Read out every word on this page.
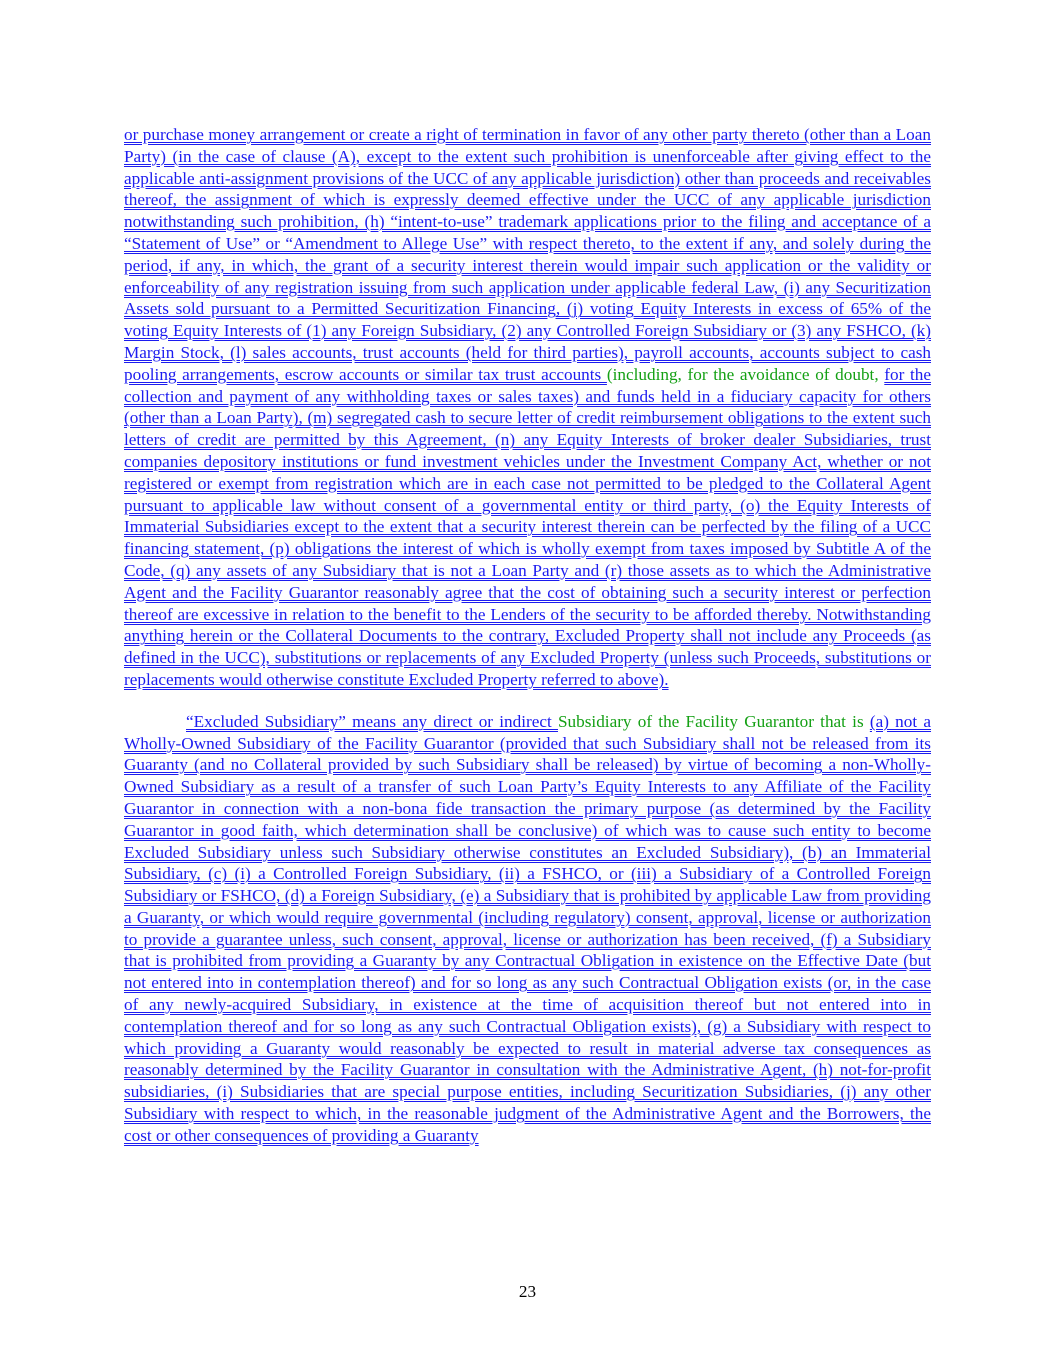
or purchase money arrangement or create a right of termination in favor of any other party thereto (other than a Loan Party) (in the case of clause (A), except to the extent such prohibition is unenforceable after giving effect to the applicable anti-assignment provisions of the UCC of any applicable jurisdiction) other than proceeds and receivables thereof, the assignment of which is expressly deemed effective under the UCC of any applicable jurisdiction notwithstanding such prohibition, (h) “intent-to-use” trademark applications prior to the filing and acceptance of a “Statement of Use” or “Amendment to Allege Use” with respect thereto, to the extent if any, and solely during the period, if any, in which, the grant of a security interest therein would impair such application or the validity or enforceability of any registration issuing from such application under applicable federal Law, (i) any Securitization Assets sold pursuant to a Permitted Securitization Financing, (j) voting Equity Interests in excess of 65% of the voting Equity Interests of (1) any Foreign Subsidiary, (2) any Controlled Foreign Subsidiary or (3) any FSHCO, (k) Margin Stock, (l) sales accounts, trust accounts (held for third parties), payroll accounts, accounts subject to cash pooling arrangements, escrow accounts or similar tax trust accounts (including, for the avoidance of doubt, for the collection and payment of any withholding taxes or sales taxes) and funds held in a fiduciary capacity for others (other than a Loan Party), (m) segregated cash to secure letter of credit reimbursement obligations to the extent such letters of credit are permitted by this Agreement, (n) any Equity Interests of broker dealer Subsidiaries, trust companies depository institutions or fund investment vehicles under the Investment Company Act, whether or not registered or exempt from registration which are in each case not permitted to be pledged to the Collateral Agent pursuant to applicable law without consent of a governmental entity or third party, (o) the Equity Interests of Immaterial Subsidiaries except to the extent that a security interest therein can be perfected by the filing of a UCC financing statement, (p) obligations the interest of which is wholly exempt from taxes imposed by Subtitle A of the Code, (q) any assets of any Subsidiary that is not a Loan Party and (r) those assets as to which the Administrative Agent and the Facility Guarantor reasonably agree that the cost of obtaining such a security interest or perfection thereof are excessive in relation to the benefit to the Lenders of the security to be afforded thereby. Notwithstanding anything herein or the Collateral Documents to the contrary, Excluded Property shall not include any Proceeds (as defined in the UCC), substitutions or replacements of any Excluded Property (unless such Proceeds, substitutions or replacements would otherwise constitute Excluded Property referred to above).

“Excluded Subsidiary” means any direct or indirect Subsidiary of the Facility Guarantor that is (a) not a Wholly-Owned Subsidiary of the Facility Guarantor (provided that such Subsidiary shall not be released from its Guaranty (and no Collateral provided by such Subsidiary shall be released) by virtue of becoming a non-Wholly-Owned Subsidiary as a result of a transfer of such Loan Party’s Equity Interests to any Affiliate of the Facility Guarantor in connection with a non-bona fide transaction the primary purpose (as determined by the Facility Guarantor in good faith, which determination shall be conclusive) of which was to cause such entity to become Excluded Subsidiary unless such Subsidiary otherwise constitutes an Excluded Subsidiary), (b) an Immaterial Subsidiary, (c) (i) a Controlled Foreign Subsidiary, (ii) a FSHCO, or (iii) a Subsidiary of a Controlled Foreign Subsidiary or FSHCO, (d) a Foreign Subsidiary, (e) a Subsidiary that is prohibited by applicable Law from providing a Guaranty, or which would require governmental (including regulatory) consent, approval, license or authorization to provide a guarantee unless, such consent, approval, license or authorization has been received, (f) a Subsidiary that is prohibited from providing a Guaranty by any Contractual Obligation in existence on the Effective Date (but not entered into in contemplation thereof) and for so long as any such Contractual Obligation exists (or, in the case of any newly-acquired Subsidiary, in existence at the time of acquisition thereof but not entered into in contemplation thereof and for so long as any such Contractual Obligation exists), (g) a Subsidiary with respect to which providing a Guaranty would reasonably be expected to result in material adverse tax consequences as reasonably determined by the Facility Guarantor in consultation with the Administrative Agent, (h) not-for-profit subsidiaries, (i) Subsidiaries that are special purpose entities, including Securitization Subsidiaries, (j) any other Subsidiary with respect to which, in the reasonable judgment of the Administrative Agent and the Borrowers, the cost or other consequences of providing a Guaranty

23
